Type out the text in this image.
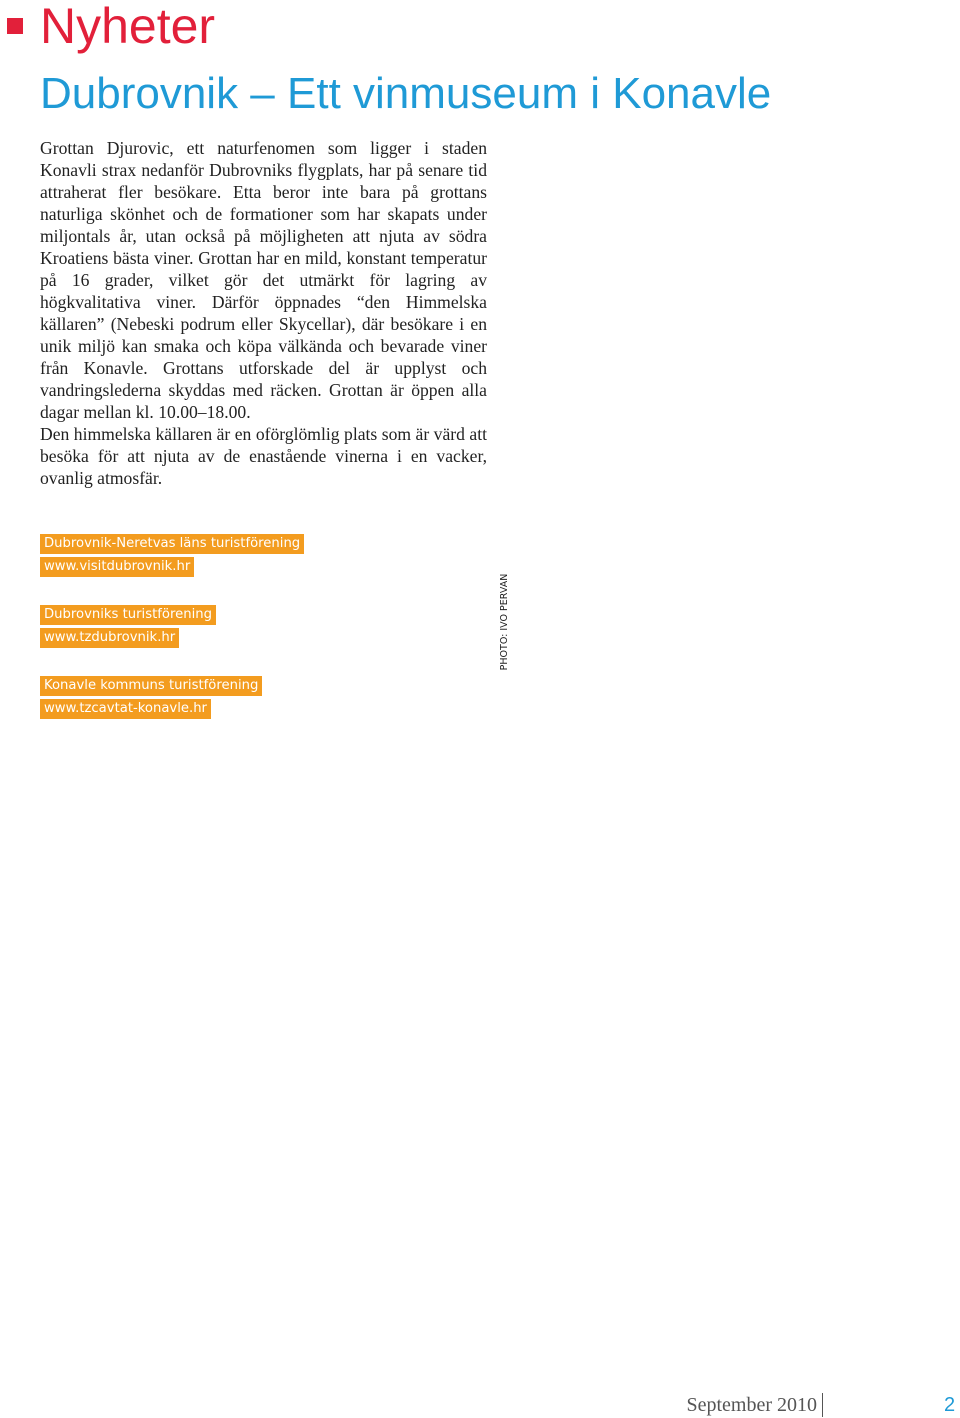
Nyheter
Dubrovnik – Ett vinmuseum i Konavle

Grottan Djurovic, ett naturfenomen som ligger i staden Konavli strax nedanför Dubrovniks flygplats, har på senare tid attraherat fler besökare. Etta beror inte bara på grottans naturliga skönhet och de formationer som har skapats under miljontals år, utan också på möjligheten att njuta av södra Kroatiens bästa viner. Grottan har en mild, konstant temperatur på 16 grader, vilket gör det utmärkt för lagring av högkvalitativa viner. Därför öppnades “den Himmelska källaren” (Nebeski podrum eller Skycellar), där besökare i en unik miljö kan smaka och köpa välkända och bevarade viner från Konavle. Grottans utforskade del är upplyst och vandringslederna skyddas med räcken. Grottan är öppen alla dagar mellan kl. 10.00–18.00.

Den himmelska källaren är en oförglömlig plats som är värd att besöka för att njuta av de enastående vinerna i en vacker, ovanlig atmosfär.

Dubrovnik-Neretvas läns turistförening
www.visitdubrovnik.hr
Dubrovniks turistförening
www.tzdubrovnik.hr
Konavle kommuns turistförening
www.tzcavtat-konavle.hr
PHOTO: IVO PERVAN
September 2010	2
